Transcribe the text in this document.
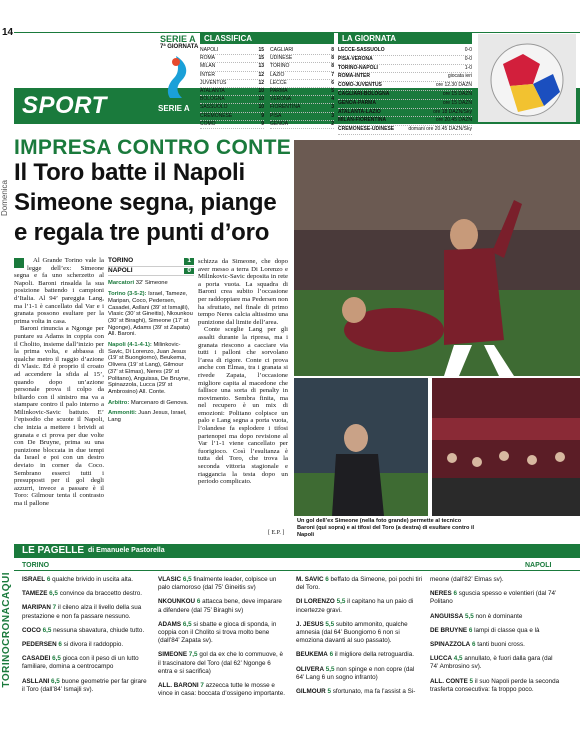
14
Domenica
SERIE A
7ª GIORNATA
SPORT	SERIE A
CLASSIFICA
NAPOLI	15
ROMA	15
MILAN	13
INTER	12
JUVENTUS	12
ATALANTA	10
BOLOGNA	10
SASSUOLO	10
CREMONESE	9
COMO	9
CAGLIARI	8
UDINESE	8
TORINO	8
LAZIO	7
LECCE	6
PARMA	5
VERONA	4
FIORENTINA	3
PISA	3
GENOA	2
LA GIORNATA
LECCE-SASSUOLO	0-0
PISA-VERONA	0-0
TORINO-NAPOLI	1-0
ROMA-INTER	giocata ieri
COMO-JUVENTUS	ore 12.30 DAZN
CAGLIARI-BOLOGNA	ore 15 DAZN
GENOA-PARMA	ore 15 DAZN
ATALANTA-LAZIO	ore 18 DAZN/Sky
MILAN-FIORENTINA	ore 20.45 DAZN
CREMONESE-UDINESE	domani ore 20.45 DAZN/Sky
IMPRESA CONTRO CONTE
Il Toro batte il Napoli
Simeone segna, piange
e regala tre punti d’oro

Al Grande Torino vale la legge dell’ex: Simeone segna e fa uno scherzetto al Napoli. Baroni rinsalda la sua posizione battendo i campioni d’Italia. Al 94’ pareggia Lang, ma l’1-1 è cancellato dal Var e i granata possono esultare per la prima volta in casa.

Baroni rinuncia a Ngonge per puntare su Adams in coppia con il Cholito, insieme dall’inizio per la prima volta, e abbassa di qualche metro il raggio d’azione di Vlasic. Ed è proprio il croato ad accendere la sfida al 15’, quando dopo un’azione personale prova il colpo da biliardo con il sinistro ma va a stampare contro il palo interno a Milinkovic-Savic battuto. E’ l’episodio che scuote il Napoli, che inizia a mettere i brividi ai granata e ci prova per due volte con De Bruyne, prima su una punizione bloccata in due tempi da Israel e poi con un destro deviato in corner da Coco. Sembrano esserci tutti i presupposti per il gol degli azzurri, invece a passare è il Toro: Gilmour tenta il contrasto ma il pallone

TORINO	1
NAPOLI	0

Marcatori 32’ Simeone

Torino (3-5-2): Israel, Tameze, Maripan, Coco, Pedersen, Casadei, Asllani (39’ st Ismajili), Vlasic (30’ st Gineitis), Nkounkou (30’ st Biraghi), Simeone (17’ st Ngonge), Adams (39’ st Zapata) All. Baroni.

Napoli (4-1-4-1): Milinkovic-Savic, Di Lorenzo, Juan Jesus (19’ st Buongiorno), Beukema, Olivera (19’ st Lang), Gilmour (37’ st Elmas), Neres (29’ st Politano), Anguissa, De Bruyne, Spinazzola, Lucca (29’ st Ambrosino) All. Conte.

Arbitro: Marcenaro di Genova.

Ammoniti: Juan Jesus, Israel, Lang

schizza da Simeone, che dopo aver messo a terra Di Lorenzo e Milinkovic-Savic deposita in rete a porta vuota. La squadra di Baroni crea subito l’occasione per raddoppiare ma Pedersen non ha sfruttato, nel finale di primo tempo Neres calcia altissimo una punizione dal limite dell’area.

Conte sceglie Lang per gli assalti durante la ripresa, ma i granata riescono a cacciare via tutti i palloni che sorvolano l’area di rigore. Conte ci prova anche con Elmas, tra i granata si rivede Zapata, l’occasione migliore capita al macedone che fallisce una sorta di penalty in movimento. Sembra finita, ma nel recupero è un mix di emozioni: Politano colpisce un palo e Lang segna a porta vuota, l’olandese fa esplodere i tifosi partenopei ma dopo revisione al Var l’1-1 viene cancellato per fuorigioco. Così l’esultanza è tutta del Toro, che trova la seconda vittoria stagionale e riaggancia la testa dopo un periodo complicato.

[ E.P. ]
Un gol dell’ex Simeone (nella foto grande) permette al tecnico Baroni (qui sopra) e ai tifosi del Toro (a destra) di esultare contro il Napoli
LE PAGELLE di Emanuele Pastorella
TORINO	NAPOLI
TORINOCRONACAQUI ISRAEL 6 qualche brivido in uscita alta.
TAMEZE 6,5 convince da braccetto destro.
MARIPAN 7 il cileno alza il livello della sua prestazione e non fa passare nessuno.
COCO 6,5 nessuna sbavatura, chiude tutto.
PEDERSEN 6 si divora il raddoppio.
CASADEI 6,5 gioca con il peso di un lutto familiare, domina a centrocampo
ASLLANI 6,5 buone geometrie per far girare il Toro (dall’84’ Ismajli sv).
VLASIC 6,5 finalmente leader, colpisce un palo clamoroso (dal 75’ Gineitis sv)
NKOUNKOU 6 attacca bene, deve imparare a difendere (dal 75’ Biraghi sv)
ADAMS 6,5 si sbatte e gioca di sponda, in coppia con il Cholito si trova molto bene (dall’84’ Zapata sv).
SIMEONE 7,5 gol da ex che lo commuove, è il trascinatore del Toro (dal 62’ Ngonge 6 entra e si sacrifica)
ALL. BARONI 7 azzecca tutte le mosse e vince in casa: boccata d’ossigeno importante.
M. SAVIC 6 beffato da Simeone, poi pochi tiri del Toro.
DI LORENZO 5,5 il capitano ha un paio di incertezze gravi.
J. JESUS 5,5 subito ammonito, qualche amnesia (dal 64’ Buongiorno 6 non si emoziona davanti al suo passato).
BEUKEMA 6 il migliore della retroguardia.
OLIVERA 5,5 non spinge e non copre (dal 64’ Lang 6 un sogno infranto)
GILMOUR 5 sfortunato, ma fa l’assist a Si-
meone (dall’82’ Elmas sv).
NERES 6 sguscia spesso e volentieri (dal 74’ Politano
ANGUISSA 5,5 non è dominante
DE BRUYNE 6 lampi di classe qua e là
SPINAZZOLA 6 tanti buoni cross.
LUCCA 4,5 annullato, è fuori dalla gara (dal 74’ Ambrosino sv).
ALL. CONTE 5 il suo Napoli perde la seconda trasferta consecutiva: fa troppo poco.
